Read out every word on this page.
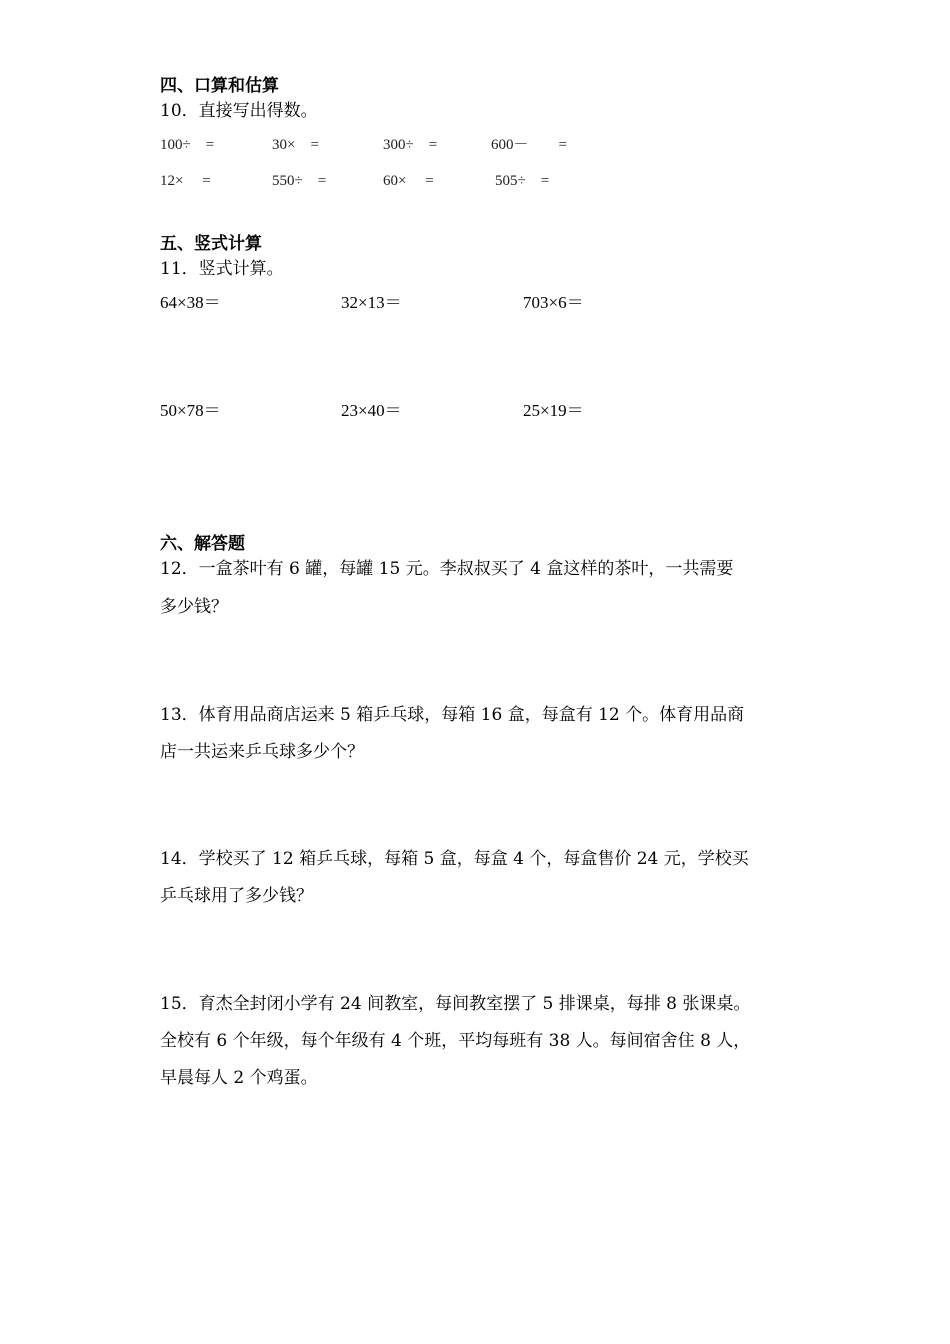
四、口算和估算
10．直接写出得数。
100÷　=	30×　=	300÷　=	600－　　=
12×　 =	550÷　=	60×　 =	505÷　=
五、竖式计算
11．竖式计算。
64×38＝	32×13＝	703×6＝
50×78＝	23×40＝	25×19＝
六、解答题
12．一盒茶叶有 6 罐，每罐 15 元。李叔叔买了 4 盒这样的茶叶，一共需要
多少钱？
13．体育用品商店运来 5 箱乒乓球，每箱 16 盒，每盒有 12 个。体育用品商
店一共运来乒乓球多少个？
14．学校买了 12 箱乒乓球，每箱 5 盒，每盒 4 个，每盒售价 24 元，学校买
乒乓球用了多少钱？
15．育杰全封闭小学有 24 间教室，每间教室摆了 5 排课桌，每排 8 张课桌。
全校有 6 个年级，每个年级有 4 个班，平均每班有 38 人。每间宿舍住 8 人，
早晨每人 2 个鸡蛋。
